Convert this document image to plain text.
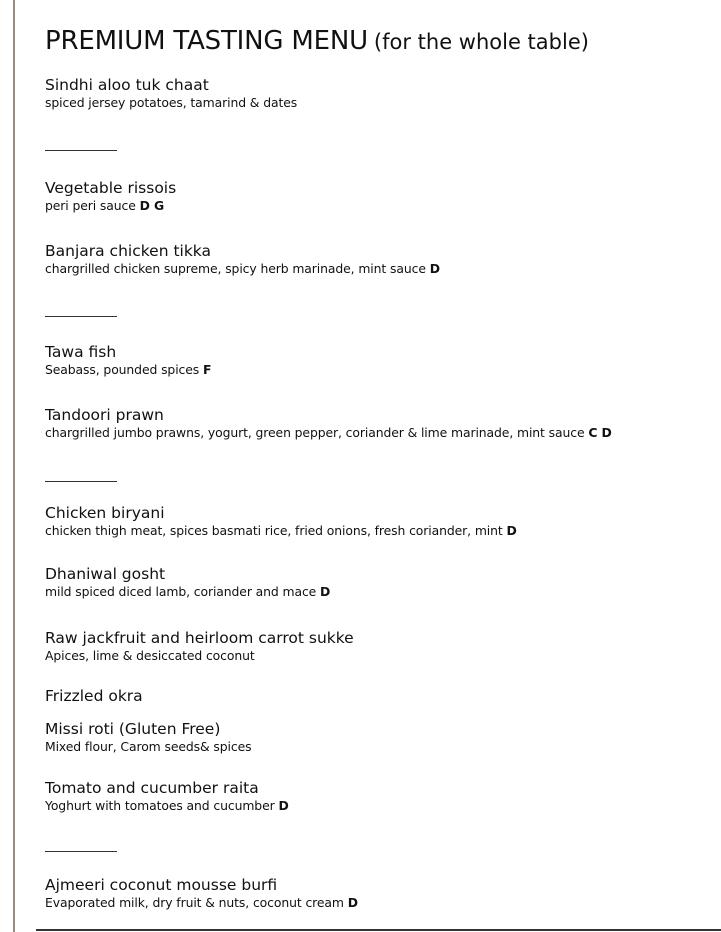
PREMIUM TASTING MENU (for the whole table)
Sindhi aloo tuk chaat
spiced jersey potatoes, tamarind & dates
Vegetable rissois
peri peri sauce D G
Banjara chicken tikka
chargrilled chicken supreme, spicy herb marinade, mint sauce D
Tawa fish
Seabass, pounded spices F
Tandoori prawn
chargrilled jumbo prawns, yogurt, green pepper, coriander & lime marinade, mint sauce C D
Chicken biryani
chicken thigh meat, spices basmati rice, fried onions, fresh coriander, mint D
Dhaniwal gosht
mild spiced diced lamb, coriander and mace D
Raw jackfruit and heirloom carrot sukke
Apices, lime & desiccated coconut
Frizzled okra
Missi roti (Gluten Free)
Mixed flour, Carom seeds& spices
Tomato and cucumber raita
Yoghurt with tomatoes and cucumber D
Ajmeeri coconut mousse burfi
Evaporated milk, dry fruit & nuts, coconut cream D
